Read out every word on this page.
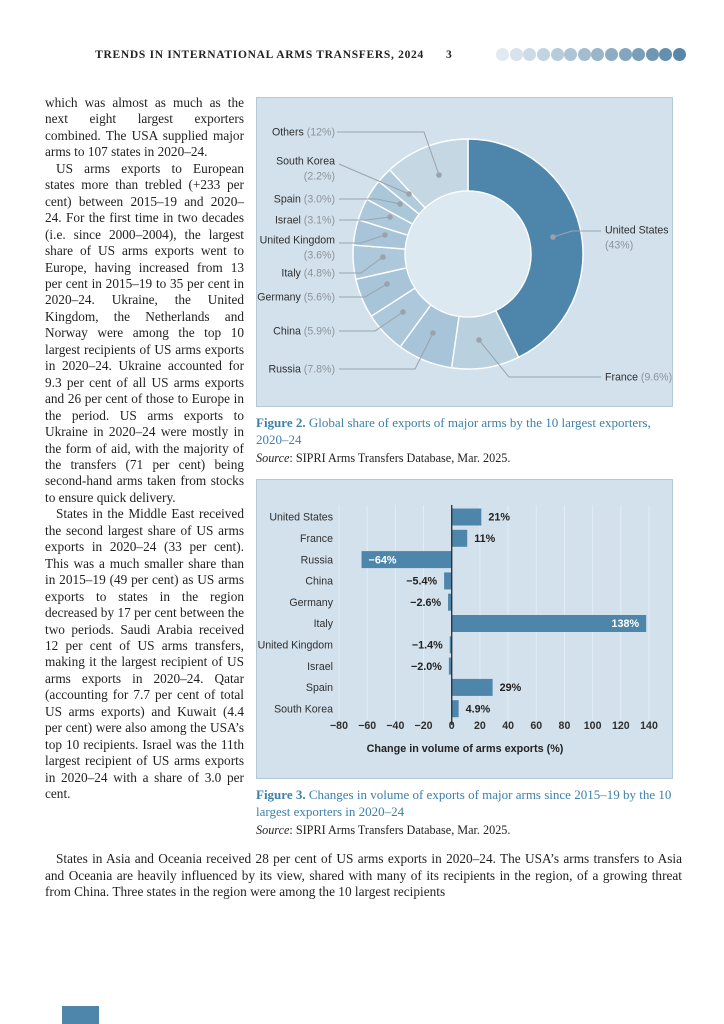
TRENDS IN INTERNATIONAL ARMS TRANSFERS, 2024 3

which was almost as much as the next eight largest exporters combined. The USA supplied major arms to 107 states in 2020–24.

US arms exports to European states more than trebled (+233 per cent) between 2015–19 and 2020–24. For the first time in two decades (i.e. since 2000–2004), the largest share of US arms exports went to Europe, having increased from 13 per cent in 2015–19 to 35 per cent in 2020–24. Ukraine, the United Kingdom, the Netherlands and Norway were among the top 10 largest recipients of US arms exports in 2020–24. Ukraine accounted for 9.3 per cent of all US arms exports and 26 per cent of those to Europe in the period. US arms exports to Ukraine in 2020–24 were mostly in the form of aid, with the majority of the transfers (71 per cent) being second-hand arms taken from stocks to ensure quick delivery.

States in the Middle East received the second largest share of US arms exports in 2020–24 (33 per cent). This was a much smaller share than in 2015–19 (49 per cent) as US arms exports to states in the region decreased by 17 per cent between the two periods. Saudi Arabia received 12 per cent of US arms transfers, making it the largest recipient of US arms exports in 2020–24. Qatar (accounting for 7.7 per cent of total US arms exports) and Kuwait (4.4 per cent) were also among the USA’s top 10 recipients. Israel was the 11th largest recipient of US arms exports in 2020–24 with a share of 3.0 per cent.

United States (43%)
France (9.6%)
Russia (7.8%)
China (5.9%)
Germany (5.6%)
Italy (4.8%)
United Kingdom (3.6%)
Israel (3.1%)
Spain (3.0%)
South Korea (2.2%)
Others (12%)

Figure 2. Global share of exports of major arms by the 10 largest exporters, 2020–24

Source: SIPRI Arms Transfers Database, Mar. 2025.

United States	21%
France	11%
Russia	−64%
China	−5.4%
Germany	−2.6%
Italy	138%
United Kingdom	−1.4%
Israel	−2.0%
Spain	29%
South Korea	4.9%
−80 −60 −40 −20 0 20 40 60 80 100 120 140
Change in volume of arms exports (%)

Figure 3. Changes in volume of exports of major arms since 2015–19 by the 10 largest exporters in 2020–24

Source: SIPRI Arms Transfers Database, Mar. 2025.

States in Asia and Oceania received 28 per cent of US arms exports in 2020–24. The USA’s arms transfers to Asia and Oceania are heavily influenced by its view, shared with many of its recipients in the region, of a growing threat from China. Three states in the region were among the 10 largest recipients
